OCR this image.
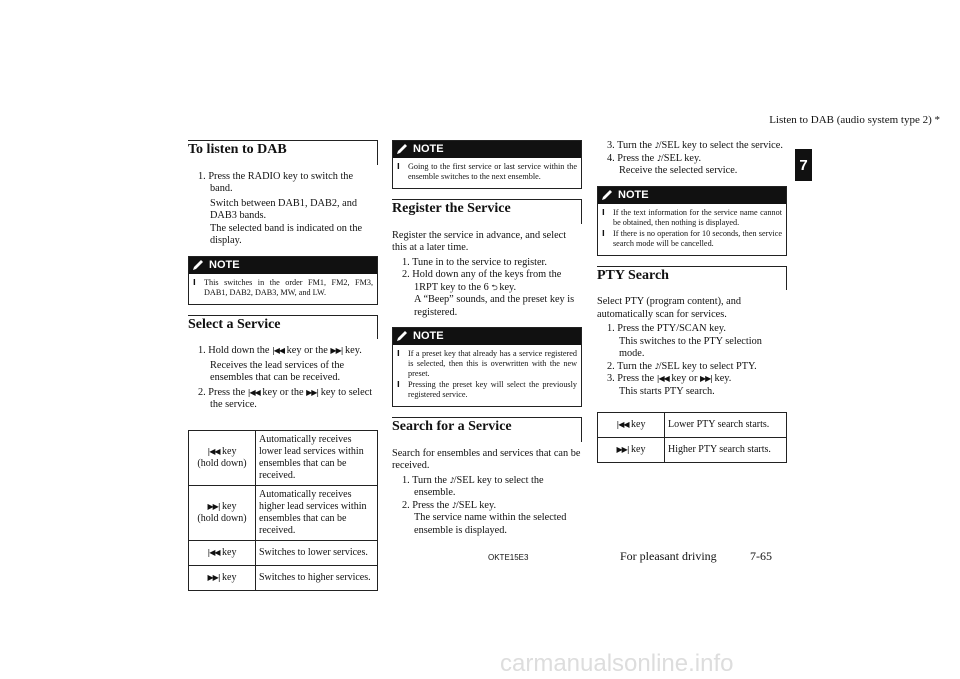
Listen to DAB (audio system type 2) *
7
To listen to DAB
1. Press the RADIO key to switch the band.
Switch between DAB1, DAB2, and DAB3 bands.
The selected band is indicated on the display.
NOTE
l	This switches in the order FM1, FM2, FM3, DAB1, DAB2, DAB3, MW, and LW.
Select a Service
1. Hold down the |◀◀ key or the ▶▶| key.
Receives the lead services of the ensembles that can be received.
2. Press the |◀◀ key or the ▶▶| key to select the service.
|◀◀ key
(hold down)	Automatically receives lower lead services within ensembles that can be received.
▶▶| key
(hold down)	Automatically receives higher lead services within ensembles that can be received.
|◀◀ key	Switches to lower services.
▶▶| key	Switches to higher services.
NOTE
l	Going to the first service or last service within the ensemble switches to the next ensemble.
Register the Service
Register the service in advance, and select this at a later time.
1. Tune in to the service to register.
2. Hold down any of the keys from the 1RPT key to the 6 ⮌ key.
A “Beep” sounds, and the preset key is registered.
NOTE
l	If a preset key that already has a service registered is selected, then this is overwritten with the new preset.
l	Pressing the preset key will select the previously registered service.
Search for a Service
Search for ensembles and services that can be received.
1. Turn the ♪/SEL key to select the ensemble.
2. Press the ♪/SEL key.
The service name within the selected ensemble is displayed.
3. Turn the ♪/SEL key to select the service.
4. Press the ♪/SEL key.
Receive the selected service.
NOTE
l	If the text information for the service name cannot be obtained, then nothing is displayed.
l	If there is no operation for 10 seconds, then service search mode will be cancelled.
PTY Search
Select PTY (program content), and automatically scan for services.
1. Press the PTY/SCAN key.
This switches to the PTY selection mode.
2. Turn the ♪/SEL key to select PTY.
3. Press the |◀◀ key or ▶▶| key.
This starts PTY search.
|◀◀ key	Lower PTY search starts.
▶▶| key	Higher PTY search starts.
OKTE15E3	For pleasant driving	7-65
carmanualsonline.info
